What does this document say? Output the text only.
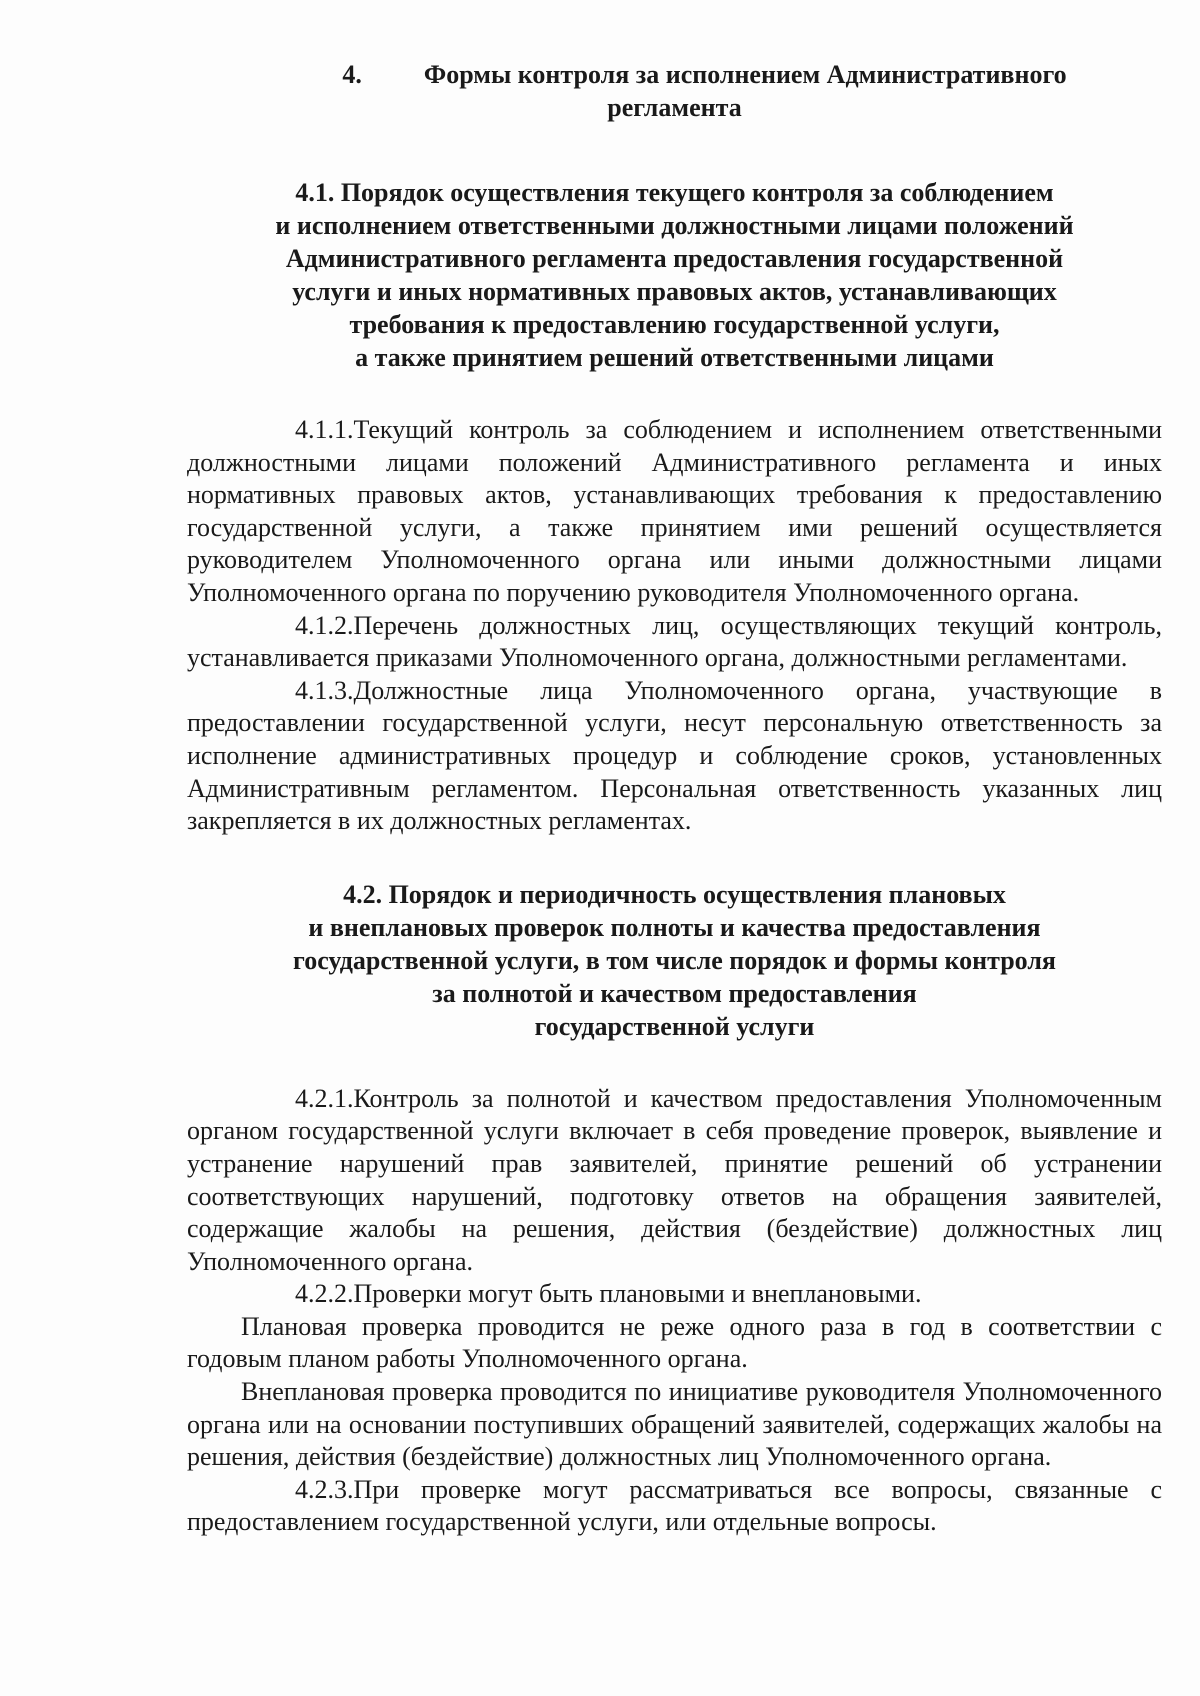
4. Формы контроля за исполнением Административного
регламента
4.1. Порядок осуществления текущего контроля за соблюдением
и исполнением ответственными должностными лицами положений
Административного регламента предоставления государственной
услуги и иных нормативных правовых актов, устанавливающих
требования к предоставлению государственной услуги,
а также принятием решений ответственными лицами

4.1.1.Текущий контроль за соблюдением и исполнением ответственными должностными лицами положений Административного регламента и иных нормативных правовых актов, устанавливающих требования к предоставлению государственной услуги, а также принятием ими решений осуществляется руководителем Уполномоченного органа или иными должностными лицами Уполномоченного органа по поручению руководителя Уполномоченного органа.

4.1.2.Перечень должностных лиц, осуществляющих текущий контроль, устанавливается приказами Уполномоченного органа, должностными регламентами.

4.1.3.Должностные лица Уполномоченного органа, участвующие в предоставлении государственной услуги, несут персональную ответственность за исполнение административных процедур и соблюдение сроков, установленных Административным регламентом. Персональная ответственность указанных лиц закрепляется в их должностных регламентах.

4.2. Порядок и периодичность осуществления плановых
и внеплановых проверок полноты и качества предоставления
государственной услуги, в том числе порядок и формы контроля
за полнотой и качеством предоставления
государственной услуги

4.2.1.Контроль за полнотой и качеством предоставления Уполномоченным органом государственной услуги включает в себя проведение проверок, выявление и устранение нарушений прав заявителей, принятие решений об устранении соответствующих нарушений, подготовку ответов на обращения заявителей, содержащие жалобы на решения, действия (бездействие) должностных лиц Уполномоченного органа.

4.2.2.Проверки могут быть плановыми и внеплановыми.

Плановая проверка проводится не реже одного раза в год в соответствии с годовым планом работы Уполномоченного органа.

Внеплановая проверка проводится по инициативе руководителя Уполномоченного органа или на основании поступивших обращений заявителей, содержащих жалобы на решения, действия (бездействие) должностных лиц Уполномоченного органа.

4.2.3.При проверке могут рассматриваться все вопросы, связанные с предоставлением государственной услуги, или отдельные вопросы.
